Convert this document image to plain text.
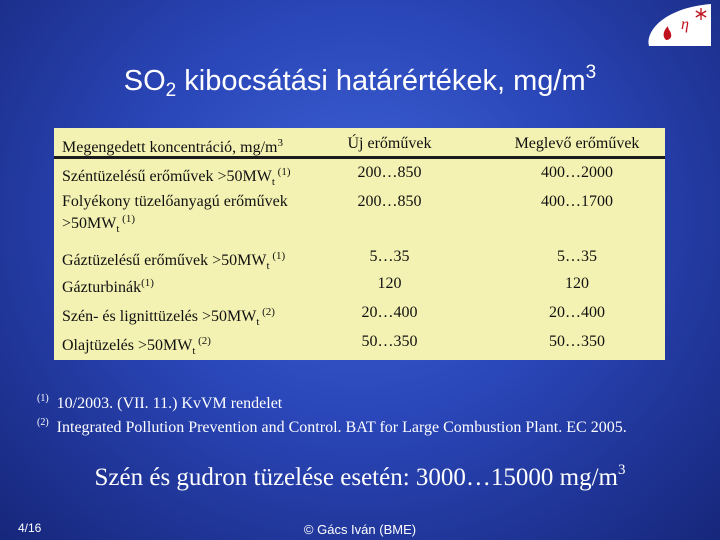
η
$SO_2$ kibocsátási határértékek, $mg/m^3$
Megengedett koncentráció, $mg/m^3$	Új erőművek	Meglevő erőművek
Széntüzelésű erőművek $>50MW_t$ $^{(1)}$	200…850	400…2000
Folyékony tüzelőanyagú erőművek
$>50MW_t$ $^{(1)}$
200…850	400…1700
Gáztüzelésű erőművek $>50MW_t$ $^{(1)}$	5…35	5…35
Gázturbinák$^{(1)}$	120	120
Szén- és lignittüzelés $>50MW_t$ $^{(2)}$	20…400	20…400
Olajtüzelés $>50MW_t$ $^{(2)}$	50…350	50…350
$^{(1)}$ 10/2003. (VII. 11.) KvVM rendelet
$^{(2)}$ Integrated Pollution Prevention and Control. BAT for Large Combustion Plant. EC 2005.
Szén és gudron tüzelése esetén: 3000…15000 $mg/m^3$
4/16	© Gács Iván (BME)
